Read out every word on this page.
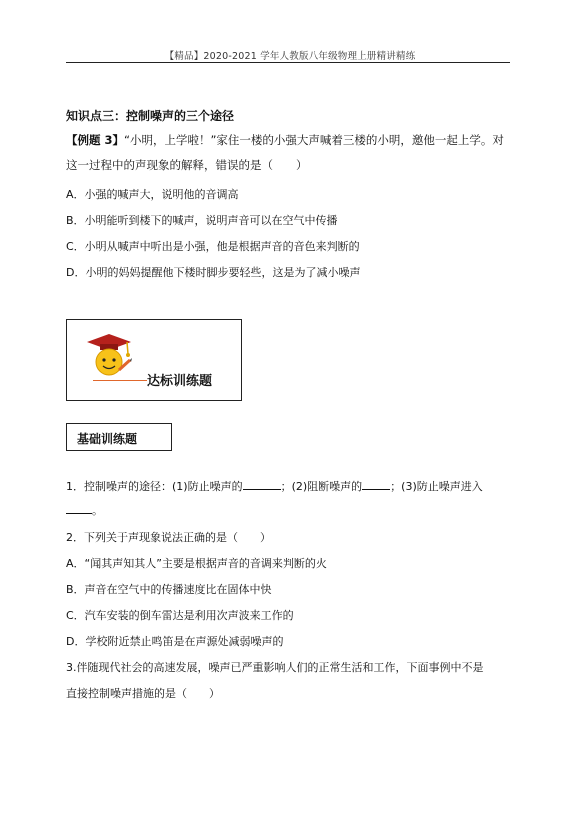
【精品】2020-2021 学年人教版八年级物理上册精讲精练
知识点三：控制噪声的三个途径
【例题 3】“小明，上学啦！”家住一楼的小强大声喊着三楼的小明，邀他一起上学。对
这一过程中的声现象的解释，错误的是（　　）
A．小强的喊声大，说明他的音调高
B．小明能听到楼下的喊声，说明声音可以在空气中传播
C．小明从喊声中听出是小强，他是根据声音的音色来判断的
D．小明的妈妈提醒他下楼时脚步要轻些，这是为了减小噪声
达标训练题
基础训练题
1．控制噪声的途径：(1)防止噪声的	；(2)阻断噪声的	；(3)防止噪声进入
。
2．下列关于声现象说法正确的是（　　）
A．“闻其声知其人”主要是根据声音的音调来判断的火
B．声音在空气中的传播速度比在固体中快
C．汽车安装的倒车雷达是利用次声波来工作的
D．学校附近禁止鸣笛是在声源处减弱噪声的
3.伴随现代社会的高速发展，噪声已严重影响人们的正常生活和工作，下面事例中不是
直接控制噪声措施的是（　　）
